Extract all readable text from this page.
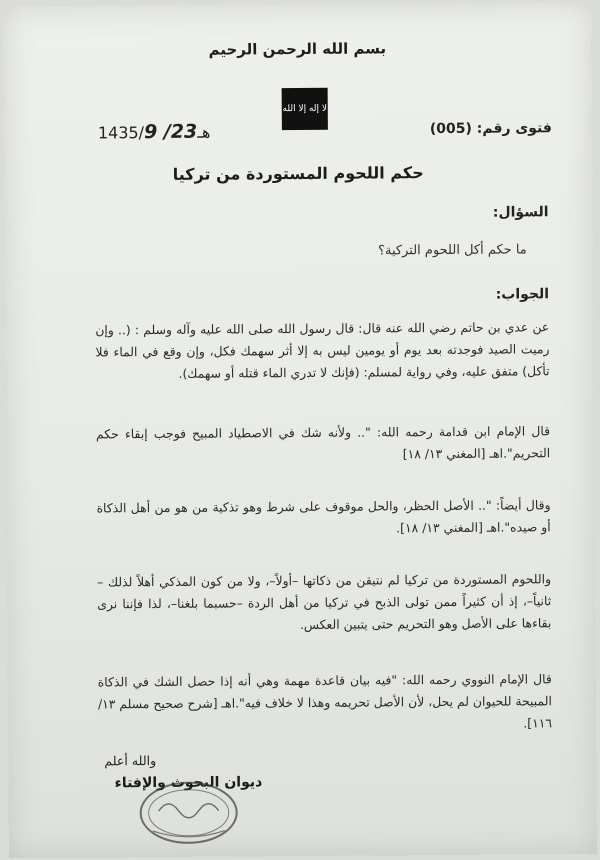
بسم الله الرحمن الرحيم
لا إله إلا الله
فتوى رقم: (005)
1435/9 /23هـ
حكم اللحوم المستوردة من تركيا
السؤال:
ما حكم أكل اللحوم التركية؟
الجواب:

عن عدي بن حاتم رضي الله عنه قال: قال رسول الله صلى الله عليه وآله وسلم : (.. وإن رميت الصيد فوجدته بعد يوم أو يومين ليس به إلا أثر سهمك فكل، وإن وقع في الماء فلا تأكل) متفق عليه، وفي رواية لمسلم: (فإنك لا تدري الماء قتله أو سهمك).

قال الإمام ابن قدامة رحمه الله: ".. ولأنه شك في الاصطياد المبيح فوجب إبقاء حكم التحريم".اهـ [المغني ١٣/ ١٨]

وقال أيضاً: ".. الأصل الحظر، والحل موقوف على شرط وهو تذكية من هو من أهل الذكاة أو صيده".اهـ [المغني ١٣/ ١٨].

واللحوم المستوردة من تركيا لم نتيقن من ذكاتها –أولاً–، ولا من كون المذكي أهلاً لذلك –ثانياً–، إذ أن كثيراً ممن تولى الذبح في تركيا من أهل الردة –حسبما بلغنا–، لذا فإننا نرى بقاءها على الأصل وهو التحريم حتى يتبين العكس.

قال الإمام النووي رحمه الله: "فيه بيان قاعدة مهمة وهي أنه إذا حصل الشك في الذكاة المبيحة للحيوان لم يحل، لأن الأصل تحريمه وهذا لا خلاف فيه".اهـ [شرح صحيح مسلم ١٣/ ١١٦].

والله أعلم
ديوان البحوث والإفتاء
